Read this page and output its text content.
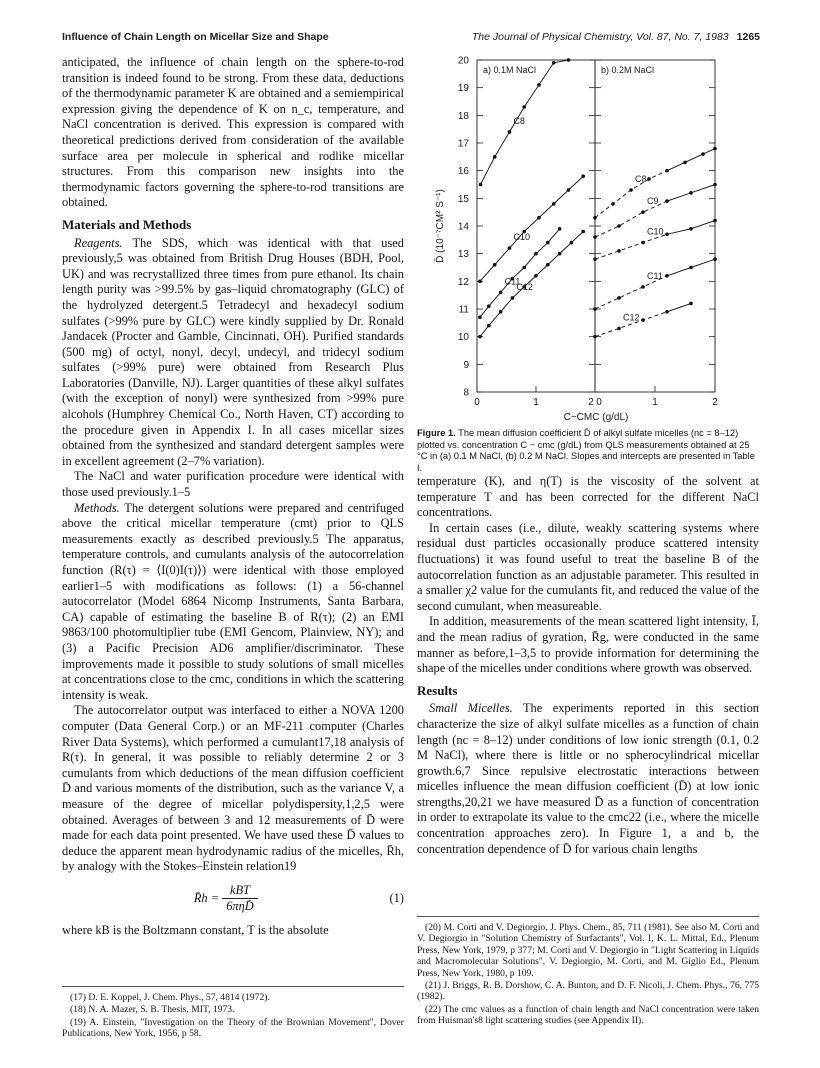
Influence of Chain Length on Micellar Size and Shape	The Journal of Physical Chemistry, Vol. 87, No. 7, 1983 1265

anticipated, the influence of chain length on the sphere-to-rod transition is indeed found to be strong. From these data, deductions of the thermodynamic parameter K are obtained and a semiempirical expression giving the dependence of K on n_c, temperature, and NaCl concentration is derived. This expression is compared with theoretical predictions derived from consideration of the available surface area per molecule in spherical and rodlike micellar structures. From this comparison new insights into the thermodynamic factors governing the sphere-to-rod transitions are obtained.

Materials and Methods

Reagents. The SDS, which was identical with that used previously,5 was obtained from British Drug Houses (BDH, Pool, UK) and was recrystallized three times from pure ethanol. Its chain length purity was >99.5% by gas–liquid chromatography (GLC) of the hydrolyzed detergent.5 Tetradecyl and hexadecyl sodium sulfates (>99% pure by GLC) were kindly supplied by Dr. Ronald Jandacek (Procter and Gamble, Cincinnati, OH). Purified standards (500 mg) of octyl, nonyl, decyl, undecyl, and tridecyl sodium sulfates (>99% pure) were obtained from Research Plus Laboratories (Danville, NJ). Larger quantities of these alkyl sulfates (with the exception of nonyl) were synthesized from >99% pure alcohols (Humphrey Chemical Co., North Haven, CT) according to the procedure given in Appendix I. In all cases micellar sizes obtained from the synthesized and standard detergent samples were in excellent agreement (2–7% variation).

The NaCl and water purification procedure were identical with those used previously.1–5

Methods. The detergent solutions were prepared and centrifuged above the critical micellar temperature (cmt) prior to QLS measurements exactly as described previously.5 The apparatus, temperature controls, and cumulants analysis of the autocorrelation function (R(τ) = ⟨I(0)I(τ)⟩) were identical with those employed earlier1–5 with modifications as follows: (1) a 56-channel autocorrelator (Model 6864 Nicomp Instruments, Santa Barbara, CA) capable of estimating the baseline B of R(τ); (2) an EMI 9863/100 photomultiplier tube (EMI Gencom, Plainview, NY); and (3) a Pacific Precision AD6 amplifier/discriminator. These improvements made it possible to study solutions of small micelles at concentrations close to the cmc, conditions in which the scattering intensity is weak.

The autocorrelator output was interfaced to either a NOVA 1200 computer (Data General Corp.) or an MF-211 computer (Charles River Data Systems), which performed a cumulant17,18 analysis of R(τ). In general, it was possible to reliably determine 2 or 3 cumulants from which deductions of the mean diffusion coefficient D̄ and various moments of the distribution, such as the variance V, a measure of the degree of micellar polydispersity,1,2,5 were obtained. Averages of between 3 and 12 measurements of D̄ were made for each data point presented. We have used these D̄ values to deduce the apparent mean hydrodynamic radius of the micelles, R̄h, by analogy with the Stokes–Einstein relation19

R̄h = $\frac{\text{kBT}}{\text{6πηD̄}}$	(1)

where kB is the Boltzmann constant, T is the absolute

(17) D. E. Koppel, J. Chem. Phys., 57, 4814 (1972).

(18) N. A. Mazer, S. B. Thesis, MIT, 1973.

(19) A. Einstein, "Investigation on the Theory of the Brownian Movement", Dover Publications, New York, 1956, p 58.

a) 0.1M NaCl
0	1	2
C8
C10
C11
C12
b) 0.2M NaCl
0	1	2
C8
C9
C10
C11
C12
8
9
10
11
12
13
14
15
16
17
18
19
20
D̄ (10⁻⁷CM² S⁻¹)
C−CMC (g/dL)
Figure 1. The mean diffusion coefficient D̄ of alkyl sulfate micelles (nc = 8–12) plotted vs. concentration C − cmc (g/dL) from QLS measurements obtained at 25 °C in (a) 0.1 M NaCl, (b) 0.2 M NaCl. Slopes and intercepts are presented in Table I.

temperature (K), and η(T) is the viscosity of the solvent at temperature T and has been corrected for the different NaCl concentrations.

In certain cases (i.e., dilute, weakly scattering systems where residual dust particles occasionally produce scattered intensity fluctuations) it was found useful to treat the baseline B of the autocorrelation function as an adjustable parameter. This resulted in a smaller χ2 value for the cumulants fit, and reduced the value of the second cumulant, when measureable.

In addition, measurements of the mean scattered light intensity, Ī, and the mean radius of gyration, R̄g, were conducted in the same manner as before,1–3,5 to provide information for determining the shape of the micelles under conditions where growth was observed.

Results

Small Micelles. The experiments reported in this section characterize the size of alkyl sulfate micelles as a function of chain length (nc = 8–12) under conditions of low ionic strength (0.1, 0.2 M NaCl), where there is little or no spherocylindrical micellar growth.6,7 Since repulsive electrostatic interactions between micelles influence the mean diffusion coefficient (D̄) at low ionic strengths,20,21 we have measured D̄ as a function of concentration in order to extrapolate its value to the cmc22 (i.e., where the micelle concentration approaches zero). In Figure 1, a and b, the concentration dependence of D̄ for various chain lengths

(20) M. Corti and V. Degiorgio, J. Phys. Chem., 85, 711 (1981). See also M. Corti and V. Degiorgio in "Solution Chemistry of Surfactants", Vol. I, K. L. Mittal, Ed., Plenum Press, New York, 1979, p 377; M. Corti and V. Degiorgio in "Light Scattering in Liquids and Macromolecular Solutions", V. Degiorgio, M. Corti, and M. Giglio Ed., Plenum Press, New York, 1980, p 109.

(21) J. Briggs, R. B. Dorshow, C. A. Bunton, and D. F. Nicoli, J. Chem. Phys., 76, 775 (1982).

(22) The cmc values as a function of chain length and NaCl concentration were taken from Huisman's8 light scattering studies (see Appendix II).
